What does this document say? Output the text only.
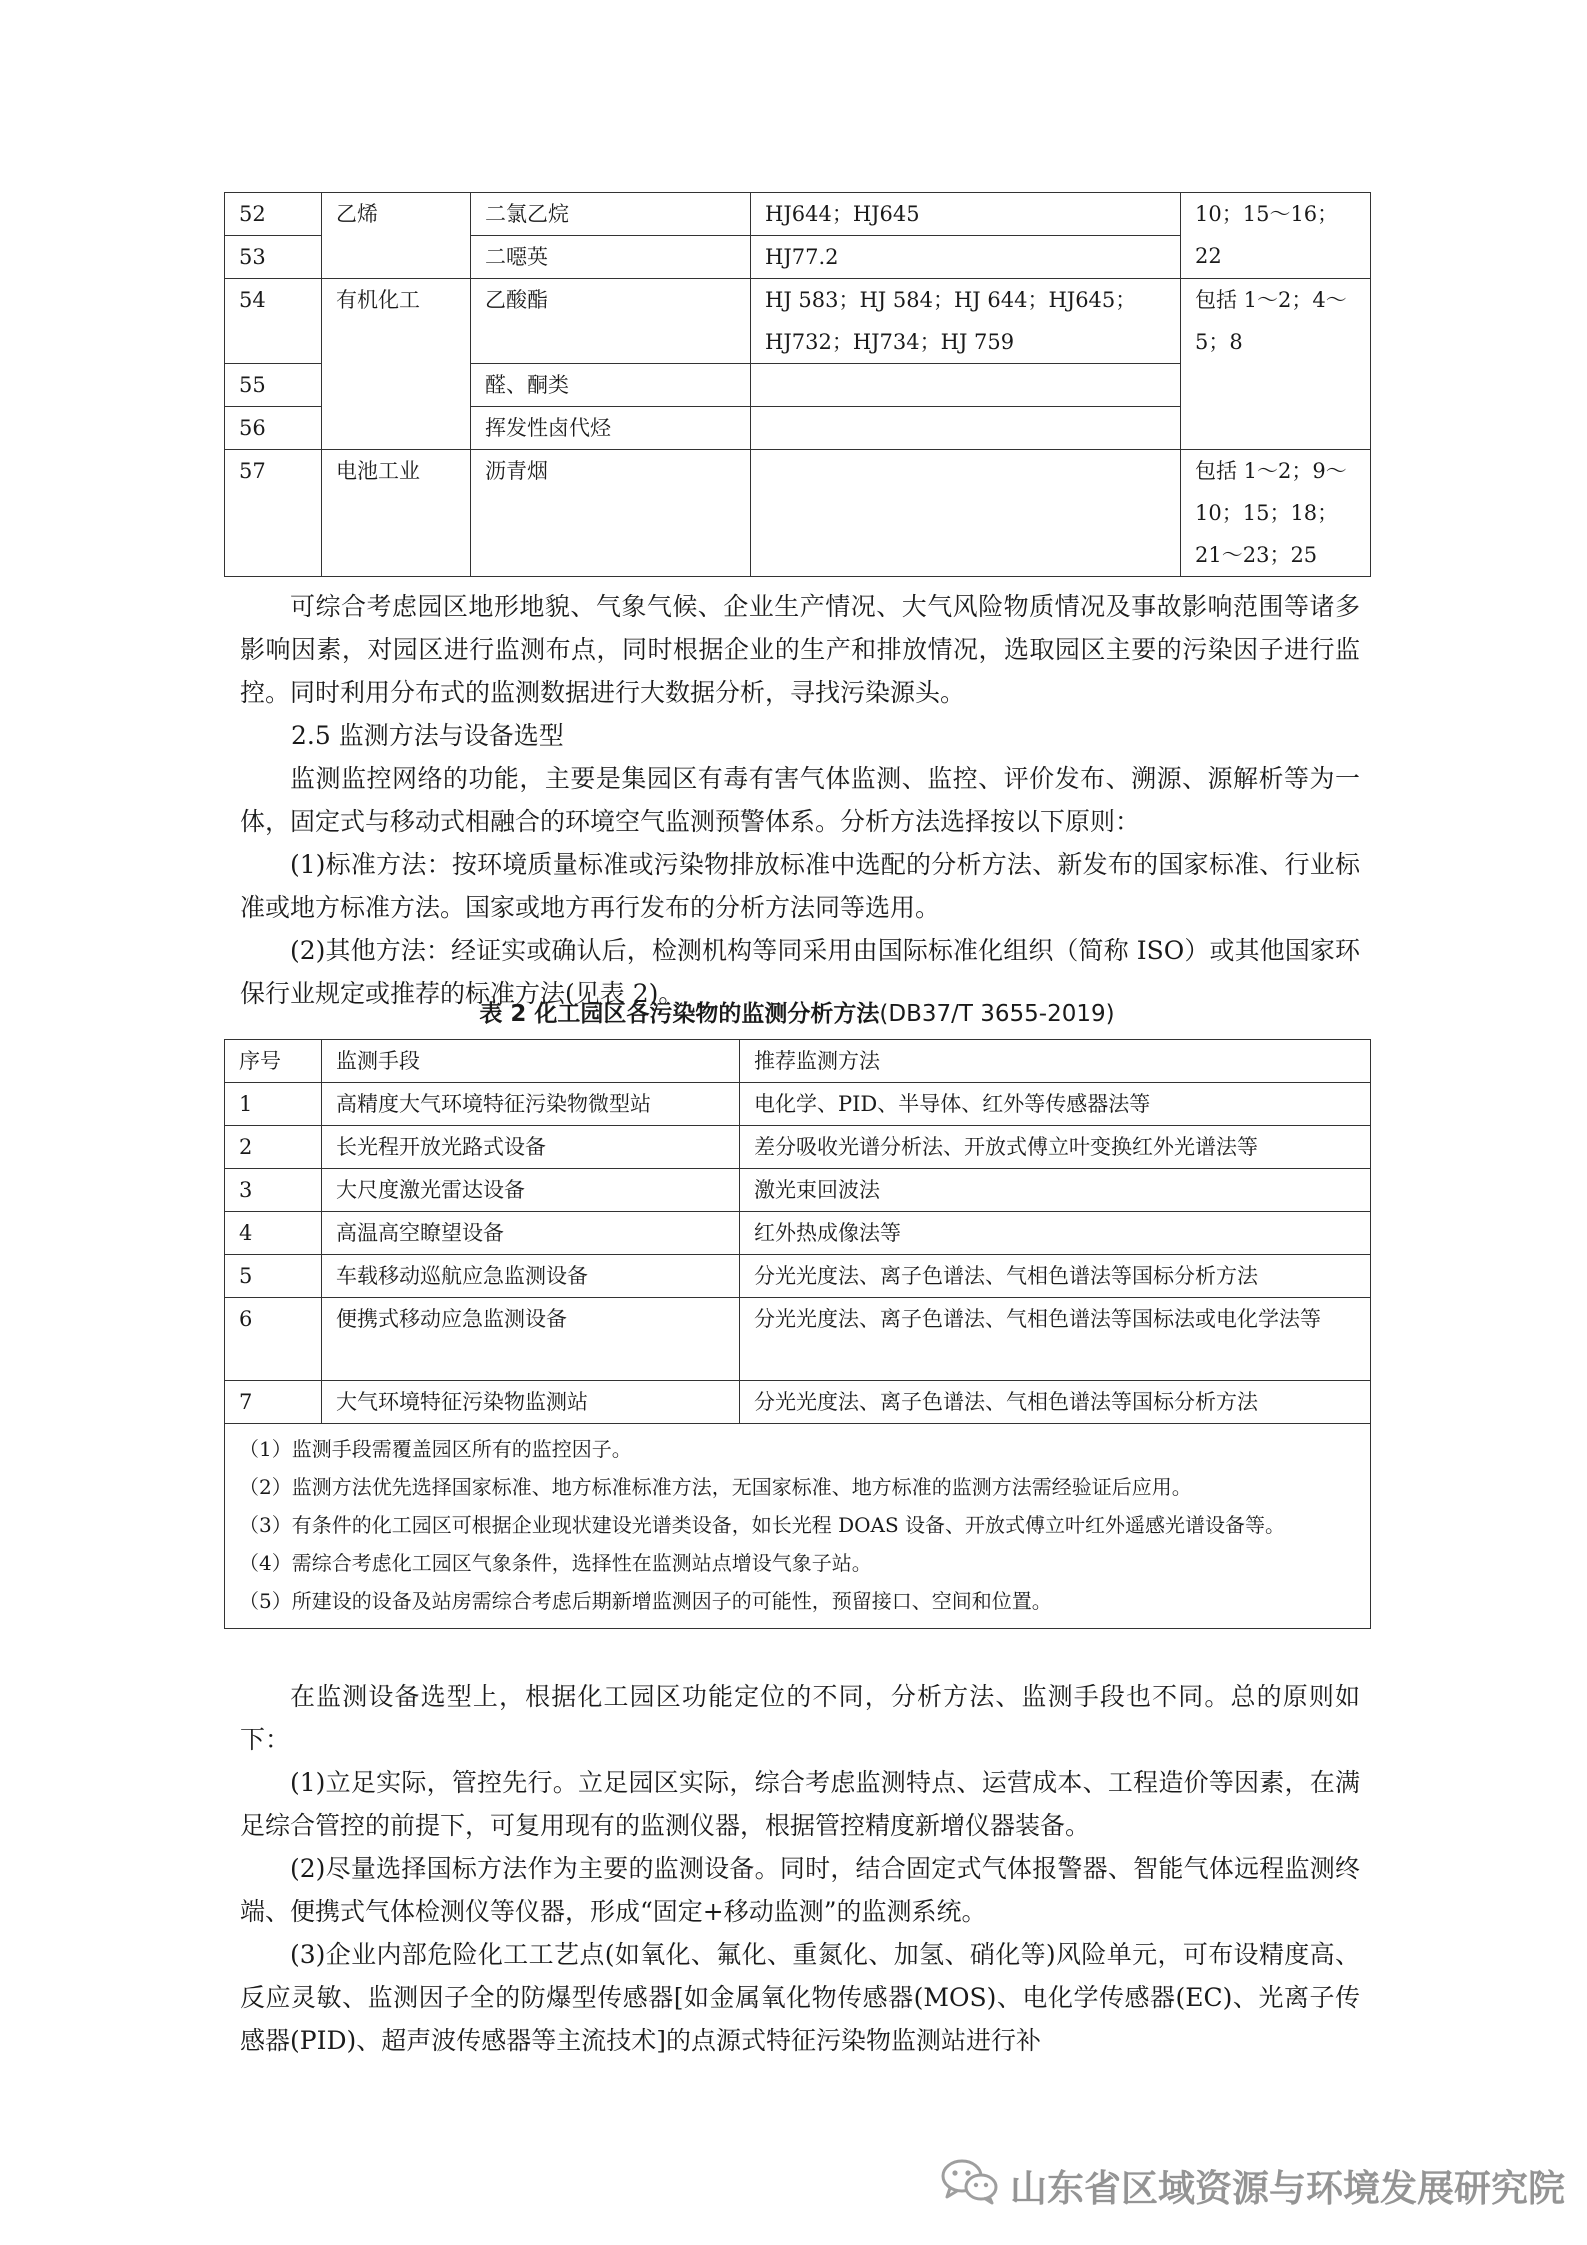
52	乙烯	二氯乙烷	HJ644；HJ645	10；15～16；22
53		二噁英	HJ77.2	
54	有机化工	乙酸酯	HJ 583；HJ 584；HJ 644；HJ645；HJ732；HJ734；HJ 759	包括 1～2；4～5；8
55		醛、酮类		
56		挥发性卤代烃		
57	电池工业	沥青烟		包括 1～2；9～10；15；18；21～23；25

可综合考虑园区地形地貌、气象气候、企业生产情况、大气风险物质情况及事故影响范围等诸多影响因素，对园区进行监测布点，同时根据企业的生产和排放情况，选取园区主要的污染因子进行监控。同时利用分布式的监测数据进行大数据分析，寻找污染源头。

2.5 监测方法与设备选型

监测监控网络的功能，主要是集园区有毒有害气体监测、监控、评价发布、溯源、源解析等为一体，固定式与移动式相融合的环境空气监测预警体系。分析方法选择按以下原则：

(1)标准方法：按环境质量标准或污染物排放标准中选配的分析方法、新发布的国家标准、行业标准或地方标准方法。国家或地方再行发布的分析方法同等选用。

(2)其他方法：经证实或确认后，检测机构等同采用由国际标准化组织（简称 ISO）或其他国家环保行业规定或推荐的标准方法(见表 2)。

表 2 化工园区各污染物的监测分析方法(DB37/T 3655-2019)
序号	监测手段	推荐监测方法
1	高精度大气环境特征污染物微型站	电化学、PID、半导体、红外等传感器法等
2	长光程开放光路式设备	差分吸收光谱分析法、开放式傅立叶变换红外光谱法等
3	大尺度激光雷达设备	激光束回波法
4	高温高空瞭望设备	红外热成像法等
5	车载移动巡航应急监测设备	分光光度法、离子色谱法、气相色谱法等国标分析方法
6	便携式移动应急监测设备	分光光度法、离子色谱法、气相色谱法等国标法或电化学法等
7	大气环境特征污染物监测站	分光光度法、离子色谱法、气相色谱法等国标分析方法

（1）监测手段需覆盖园区所有的监控因子。
（2）监测方法优先选择国家标准、地方标准标准方法，无国家标准、地方标准的监测方法需经验证后应用。
（3）有条件的化工园区可根据企业现状建设光谱类设备，如长光程 DOAS 设备、开放式傅立叶红外遥感光谱设备等。
（4）需综合考虑化工园区气象条件，选择性在监测站点增设气象子站。
（5）所建设的设备及站房需综合考虑后期新增监测因子的可能性，预留接口、空间和位置。		

在监测设备选型上，根据化工园区功能定位的不同，分析方法、监测手段也不同。总的原则如下：

(1)立足实际，管控先行。立足园区实际，综合考虑监测特点、运营成本、工程造价等因素，在满足综合管控的前提下，可复用现有的监测仪器，根据管控精度新增仪器装备。

(2)尽量选择国标方法作为主要的监测设备。同时，结合固定式气体报警器、智能气体远程监测终端、便携式气体检测仪等仪器，形成“固定+移动监测”的监测系统。

(3)企业内部危险化工工艺点(如氧化、氟化、重氮化、加氢、硝化等)风险单元，可布设精度高、反应灵敏、监测因子全的防爆型传感器[如金属氧化物传感器(MOS)、电化学传感器(EC)、光离子传感器(PID)、超声波传感器等主流技术]的点源式特征污染物监测站进行补

山东省区域资源与环境发展研究院
